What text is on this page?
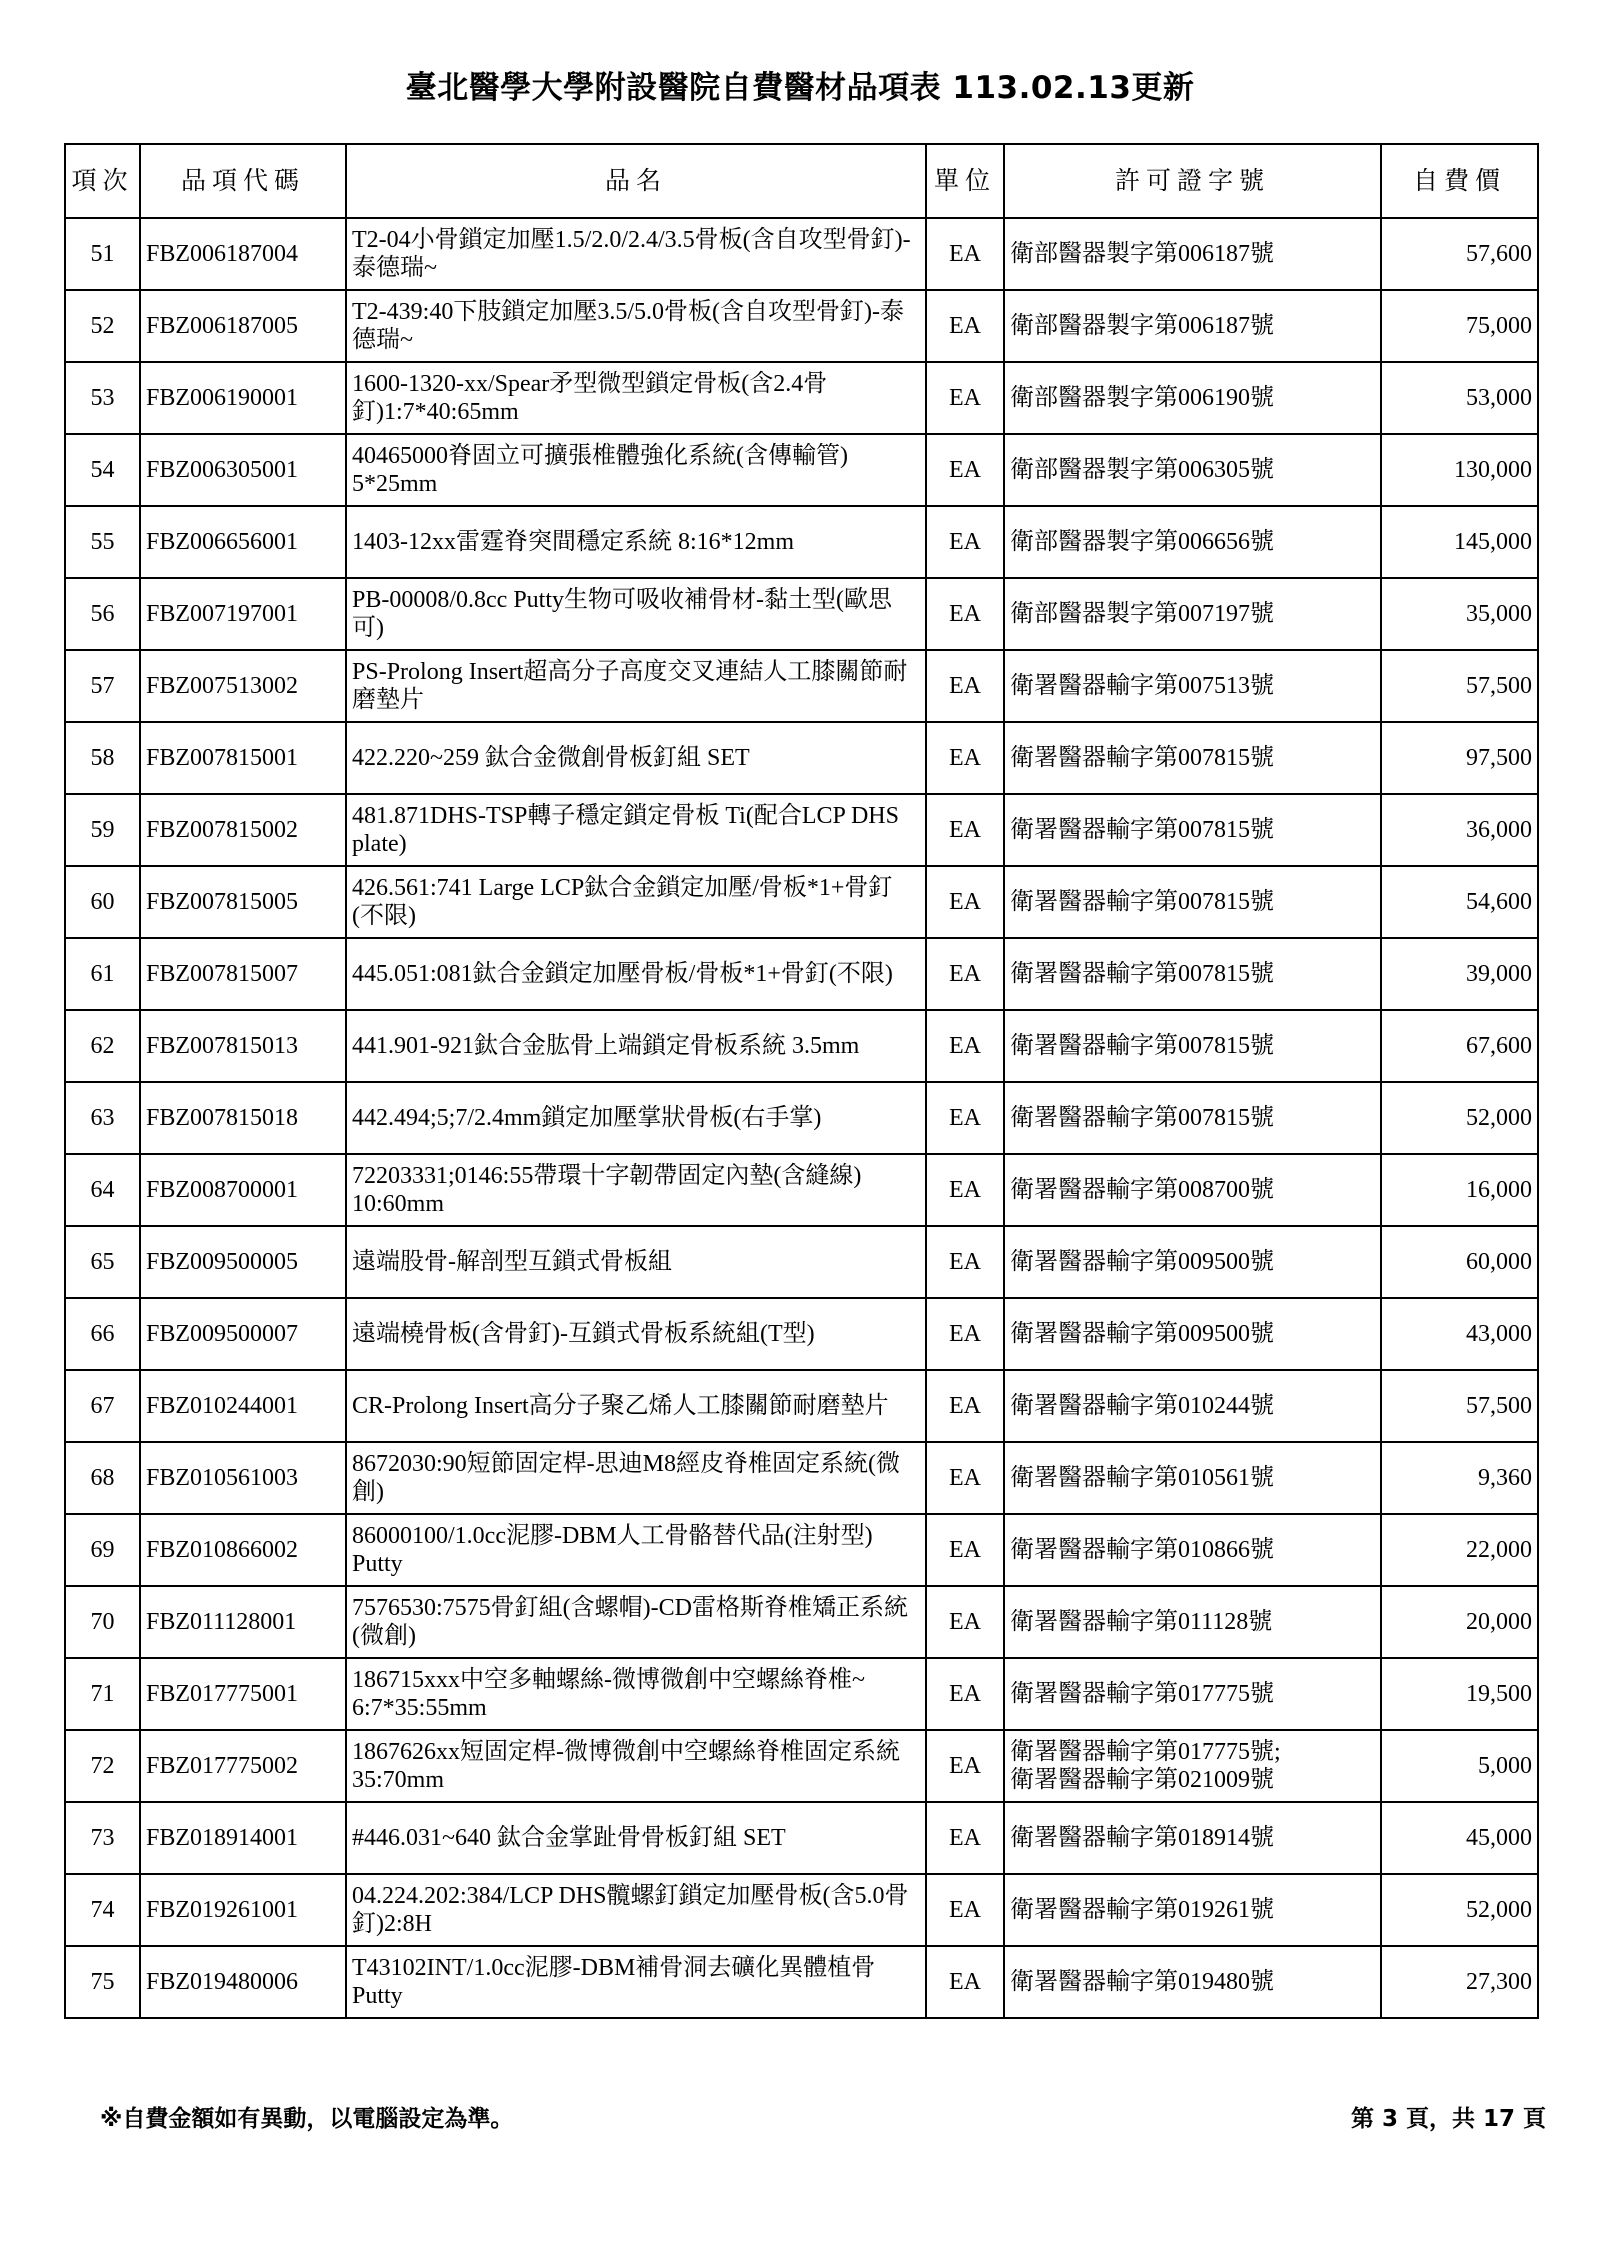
臺北醫學大學附設醫院自費醫材品項表 113.02.13更新
項次	品項代碼	品名	單位	許可證字號	自費價
51	FBZ006187004	T2-04小骨鎖定加壓1.5/2.0/2.4/3.5骨板(含自攻型骨釘)-泰德瑞~	EA	衛部醫器製字第006187號	57,600
52	FBZ006187005	T2-439:40下肢鎖定加壓3.5/5.0骨板(含自攻型骨釘)-泰德瑞~	EA	衛部醫器製字第006187號	75,000
53	FBZ006190001	1600-1320-xx/Spear矛型微型鎖定骨板(含2.4骨釘)1:7*40:65mm	EA	衛部醫器製字第006190號	53,000
54	FBZ006305001	40465000脊固立可擴張椎體強化系統(含傳輸管) 5*25mm	EA	衛部醫器製字第006305號	130,000
55	FBZ006656001	1403-12xx雷霆脊突間穩定系統 8:16*12mm	EA	衛部醫器製字第006656號	145,000
56	FBZ007197001	PB-00008/0.8cc Putty生物可吸收補骨材-黏土型(歐思可)	EA	衛部醫器製字第007197號	35,000
57	FBZ007513002	PS-Prolong Insert超高分子高度交叉連結人工膝關節耐磨墊片	EA	衛署醫器輸字第007513號	57,500
58	FBZ007815001	422.220~259 鈦合金微創骨板釘組 SET	EA	衛署醫器輸字第007815號	97,500
59	FBZ007815002	481.871DHS-TSP轉子穩定鎖定骨板 Ti(配合LCP DHS plate)	EA	衛署醫器輸字第007815號	36,000
60	FBZ007815005	426.561:741 Large LCP鈦合金鎖定加壓/骨板*1+骨釘(不限)	EA	衛署醫器輸字第007815號	54,600
61	FBZ007815007	445.051:081鈦合金鎖定加壓骨板/骨板*1+骨釘(不限)	EA	衛署醫器輸字第007815號	39,000
62	FBZ007815013	441.901-921鈦合金肱骨上端鎖定骨板系統 3.5mm	EA	衛署醫器輸字第007815號	67,600
63	FBZ007815018	442.494;5;7/2.4mm鎖定加壓掌狀骨板(右手掌)	EA	衛署醫器輸字第007815號	52,000
64	FBZ008700001	72203331;0146:55帶環十字韌帶固定內墊(含縫線) 10:60mm	EA	衛署醫器輸字第008700號	16,000
65	FBZ009500005	遠端股骨-解剖型互鎖式骨板組	EA	衛署醫器輸字第009500號	60,000
66	FBZ009500007	遠端橈骨板(含骨釘)-互鎖式骨板系統組(T型)	EA	衛署醫器輸字第009500號	43,000
67	FBZ010244001	CR-Prolong Insert高分子聚乙烯人工膝關節耐磨墊片	EA	衛署醫器輸字第010244號	57,500
68	FBZ010561003	8672030:90短節固定桿-思迪M8經皮脊椎固定系統(微創)	EA	衛署醫器輸字第010561號	9,360
69	FBZ010866002	86000100/1.0cc泥膠-DBM人工骨骼替代品(注射型) Putty	EA	衛署醫器輸字第010866號	22,000
70	FBZ011128001	7576530:7575骨釘組(含螺帽)-CD雷格斯脊椎矯正系統(微創)	EA	衛署醫器輸字第011128號	20,000
71	FBZ017775001	186715xxx中空多軸螺絲-微博微創中空螺絲脊椎~ 6:7*35:55mm	EA	衛署醫器輸字第017775號	19,500
72	FBZ017775002	1867626xx短固定桿-微博微創中空螺絲脊椎固定系統 35:70mm	EA	衛署醫器輸字第017775號;
衛署醫器輸字第021009號	5,000
73	FBZ018914001	#446.031~640 鈦合金掌趾骨骨板釘組 SET	EA	衛署醫器輸字第018914號	45,000
74	FBZ019261001	04.224.202:384/LCP DHS髖螺釘鎖定加壓骨板(含5.0骨釘)2:8H	EA	衛署醫器輸字第019261號	52,000
75	FBZ019480006	T43102INT/1.0cc泥膠-DBM補骨洞去礦化異體植骨 Putty	EA	衛署醫器輸字第019480號	27,300
※自費金額如有異動，以電腦設定為準。	第 3 頁，共 17 頁
